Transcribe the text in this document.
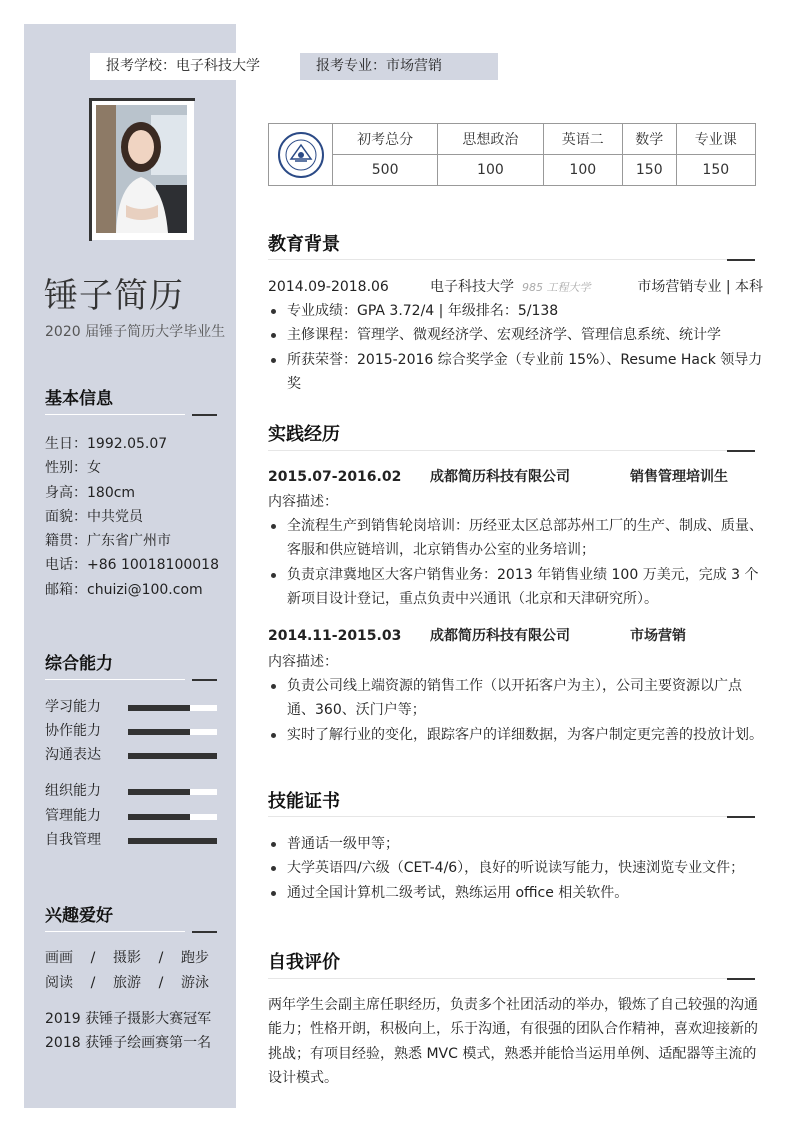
报考学校：电子科技大学	报考专业：市场营销
锤子简历
2020 届锤子简历大学毕业生
基本信息
生日：1992.05.07
性别：女
身高：180cm
面貌：中共党员
籍贯：广东省广州市
电话：+86 10018100018
邮箱：chuizi@100.com
综合能力
学习能力
协作能力
沟通表达
组织能力
管理能力
自我管理
兴趣爱好
画画	/	摄影	/	跑步
阅读	/	旅游	/	游泳
2019 获锤子摄影大赛冠军
2018 获锤子绘画赛第一名
	初考总分	思想政治	英语二	数学	专业课
	500	100	100	150	150
教育背景
2014.09-2018.06	电子科技大学 985 工程大学	市场营销专业 | 本科
专业成绩：GPA 3.72/4 | 年级排名：5/138
主修课程：管理学、微观经济学、宏观经济学、管理信息系统、统计学
所获荣誉：2015-2016 综合奖学金（专业前 15%）、Resume Hack 领导力奖
实践经历
2015.07-2016.02 成都简历科技有限公司	销售管理培训生
内容描述：
全流程生产到销售轮岗培训：历经亚太区总部苏州工厂的生产、制成、质量、客服和供应链培训，北京销售办公室的业务培训；
负责京津冀地区大客户销售业务：2013 年销售业绩 100 万美元，完成 3 个新项目设计登记，重点负责中兴通讯（北京和天津研究所）。
2014.11-2015.03 成都简历科技有限公司	市场营销
内容描述：
负责公司线上端资源的销售工作（以开拓客户为主），公司主要资源以广点通、360、沃门户等；
实时了解行业的变化，跟踪客户的详细数据，为客户制定更完善的投放计划。
技能证书
普通话一级甲等；
大学英语四/六级（CET-4/6），良好的听说读写能力，快速浏览专业文件；
通过全国计算机二级考试，熟练运用 office 相关软件。
自我评价
两年学生会副主席任职经历，负责多个社团活动的举办，锻炼了自己较强的沟通能力；性格开朗，积极向上，乐于沟通，有很强的团队合作精神，喜欢迎接新的挑战；有项目经验，熟悉 MVC 模式，熟悉并能恰当运用单例、适配器等主流的设计模式。
